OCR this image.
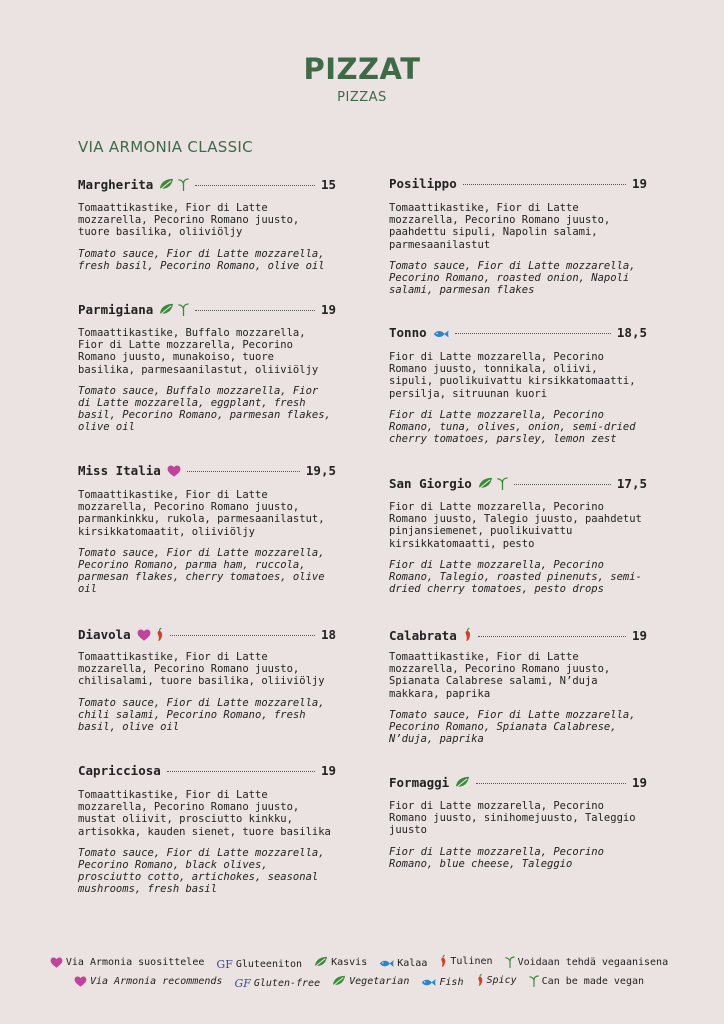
PIZZAT
PIZZAS
VIA ARMONIA CLASSIC
Margherita	15
Tomaattikastike, Fior di Latte mozzarella, Pecorino Romano juusto, tuore basilika, oliiviöljy
Tomato sauce, Fior di Latte mozzarella, fresh basil, Pecorino Romano, olive oil
Parmigiana	19
Tomaattikastike, Buffalo mozzarella, Fior di Latte mozzarella, Pecorino Romano juusto, munakoiso, tuore basilika, parmesaanilastut, oliiviöljy
Tomato sauce, Buffalo mozzarella, Fior di Latte mozzarella, eggplant, fresh basil, Pecorino Romano, parmesan flakes, olive oil
Miss Italia	19,5
Tomaattikastike, Fior di Latte mozzarella, Pecorino Romano juusto, parmankinkku, rukola, parmesaanilastut, kirsikkatomaatit, oliiviöljy
Tomato sauce, Fior di Latte mozzarella, Pecorino Romano, parma ham, ruccola, parmesan flakes, cherry tomatoes, olive oil
Diavola	18
Tomaattikastike, Fior di Latte mozzarella, Pecorino Romano juusto, chilisalami, tuore basilika, oliiviöljy
Tomato sauce, Fior di Latte mozzarella, chili salami, Pecorino Romano, fresh basil, olive oil
Capricciosa	19
Tomaattikastike, Fior di Latte mozzarella, Pecorino Romano juusto, mustat oliivit, prosciutto kinkku, artisokka, kauden sienet, tuore basilika
Tomato sauce, Fior di Latte mozzarella, Pecorino Romano, black olives, prosciutto cotto, artichokes, seasonal mushrooms, fresh basil
Posilippo	19
Tomaattikastike, Fior di Latte mozzarella, Pecorino Romano juusto, paahdettu sipuli, Napolin salami, parmesaanilastut
Tomato sauce, Fior di Latte mozzarella, Pecorino Romano, roasted onion, Napoli salami, parmesan flakes
Tonno	18,5
Fior di Latte mozzarella, Pecorino Romano juusto, tonnikala, oliivi, sipuli, puolikuivattu kirsikkatomaatti, persilja, sitruunan kuori
Fior di Latte mozzarella, Pecorino Romano, tuna, olives, onion, semi-dried cherry tomatoes, parsley, lemon zest
San Giorgio	17,5
Fior di Latte mozzarella, Pecorino Romano juusto, Talegio juusto, paahdetut pinjansiemenet, puolikuivattu kirsikkatomaatti, pesto
Fior di Latte mozzarella, Pecorino Romano, Talegio, roasted pinenuts, semi-dried cherry tomatoes, pesto drops
Calabrata	19
Tomaattikastike, Fior di Latte mozzarella, Pecorino Romano juusto, Spianata Calabrese salami, N’duja makkara, paprika
Tomato sauce, Fior di Latte mozzarella, Pecorino Romano, Spianata Calabrese, N’duja, paprika
Formaggi	19
Fior di Latte mozzarella, Pecorino Romano juusto, sinihomejuusto, Taleggio juusto
Fior di Latte mozzarella, Pecorino Romano, blue cheese, Taleggio
Via Armonia suosittelee
GF Gluteeniton
	Kasvis
	Kalaa
Tulinen
	Voidaan tehdä vegaanisena
Via Armonia recommends
GF Gluten-free
	Vegetarian
	Fish
Spicy
	Can be made vegan
